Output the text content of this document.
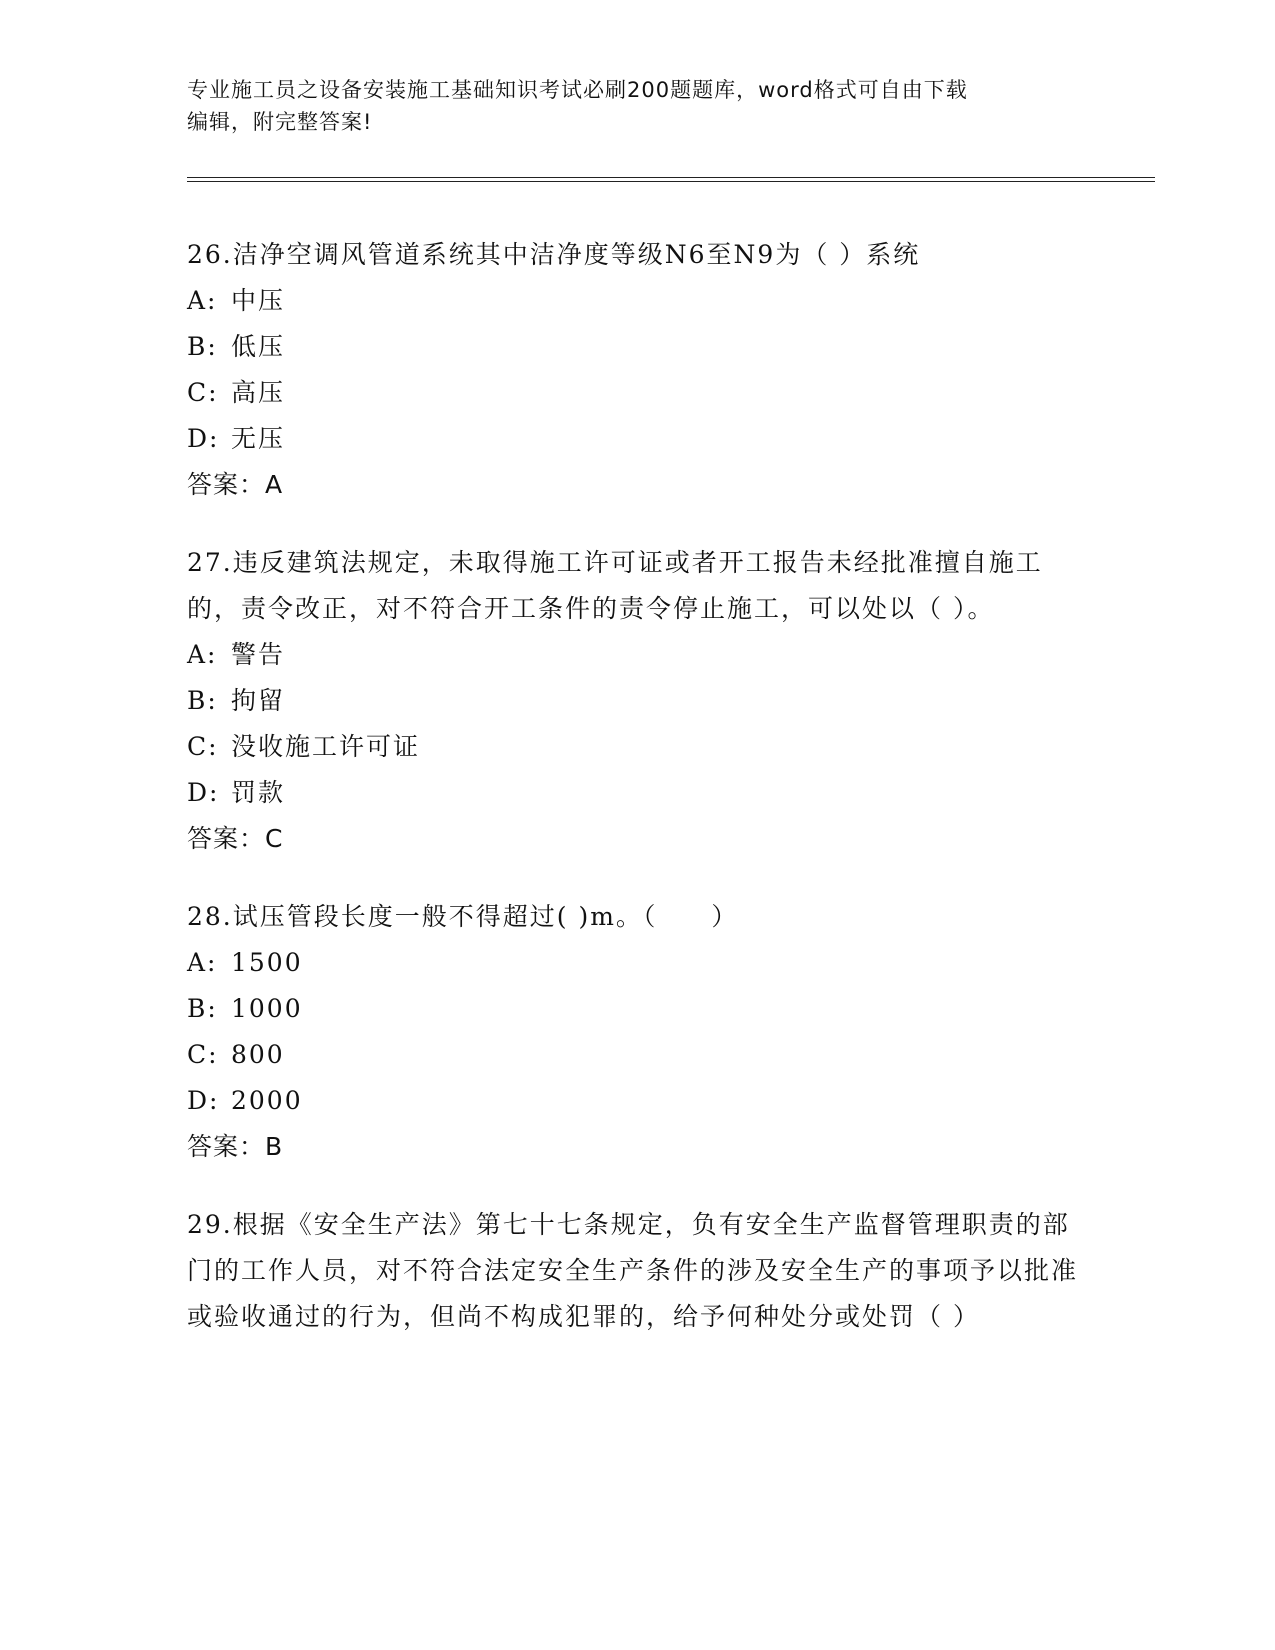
专业施工员之设备安装施工基础知识考试必刷200题题库，word格式可自由下载
编辑，附完整答案!

26.洁净空调风管道系统其中洁净度等级N6至N9为（ ）系统

A: 中压
B: 低压
C: 高压
D: 无压
答案：A

27.违反建筑法规定，未取得施工许可证或者开工报告未经批准擅自施工的，责令改正，对不符合开工条件的责令停止施工，可以处以（ ）。

A: 警告
B: 拘留
C: 没收施工许可证
D: 罚款
答案：C

28.试压管段长度一般不得超过( )m。（　　）

A: 1500
B: 1000
C: 800
D: 2000
答案：B

29.根据《安全生产法》第七十七条规定，负有安全生产监督管理职责的部门的工作人员，对不符合法定安全生产条件的涉及安全生产的事项予以批准或验收通过的行为，但尚不构成犯罪的，给予何种处分或处罚（ ）
